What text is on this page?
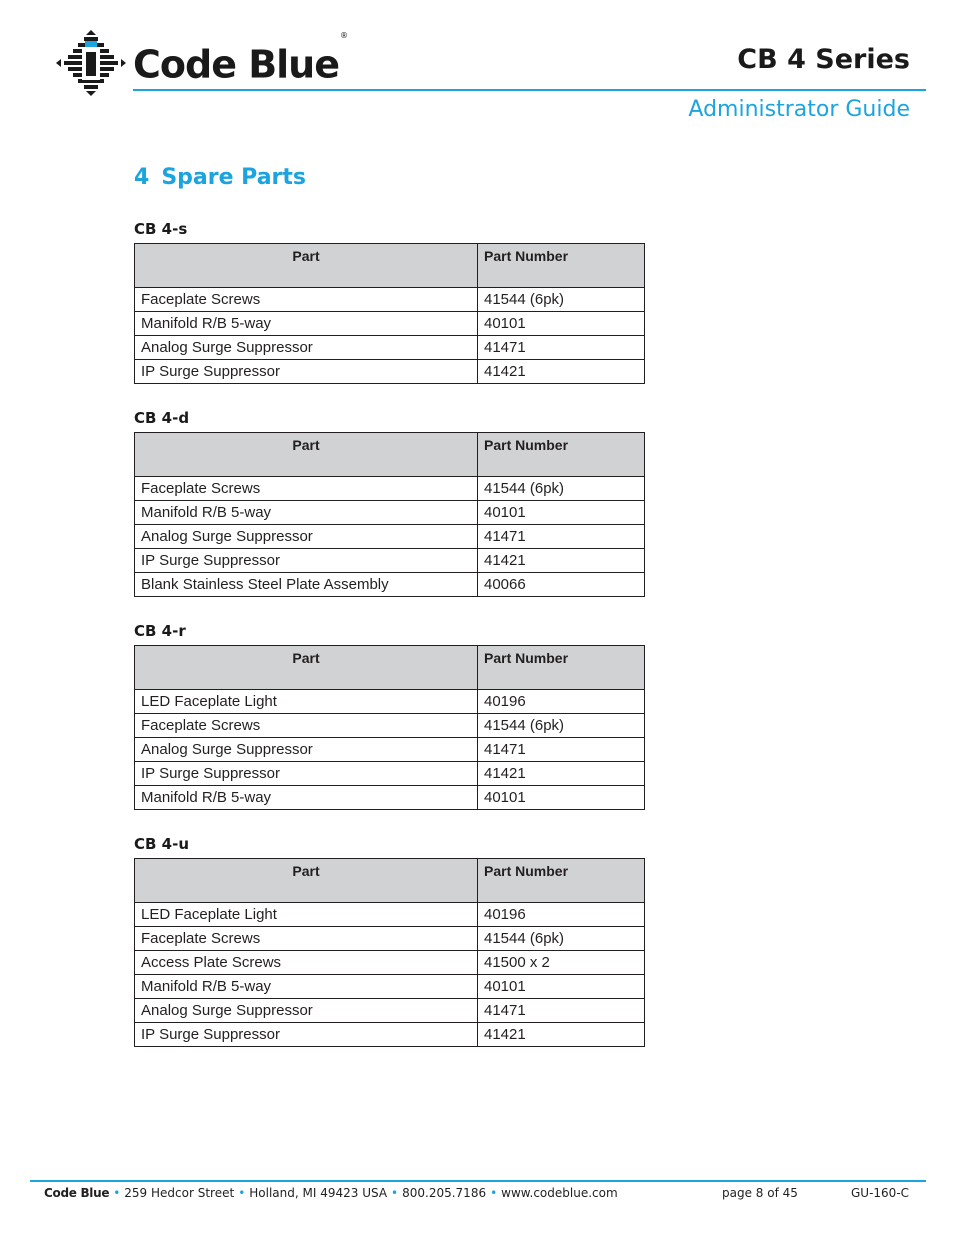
Code Blue®
CB 4 Series
Administrator Guide
4 Spare Parts
CB 4-s
Part	Part Number
Faceplate Screws	41544 (6pk)
Manifold R/B 5-way	40101
Analog Surge Suppressor	41471
IP Surge Suppressor	41421
CB 4-d
Part	Part Number
Faceplate Screws	41544 (6pk)
Manifold R/B 5-way	40101
Analog Surge Suppressor	41471
IP Surge Suppressor	41421
Blank Stainless Steel Plate Assembly	40066
CB 4-r
Part	Part Number
LED Faceplate Light	40196
Faceplate Screws	41544 (6pk)
Analog Surge Suppressor	41471
IP Surge Suppressor	41421
Manifold R/B 5-way	40101
CB 4-u
Part	Part Number
LED Faceplate Light	40196
Faceplate Screws	41544 (6pk)
Access Plate Screws	41500 x 2
Manifold R/B 5-way	40101
Analog Surge Suppressor	41471
IP Surge Suppressor	41421
Code Blue • 259 Hedcor Street • Holland, MI 49423 USA • 800.205.7186 • www.codeblue.com	page 8 of 45	GU-160-C
